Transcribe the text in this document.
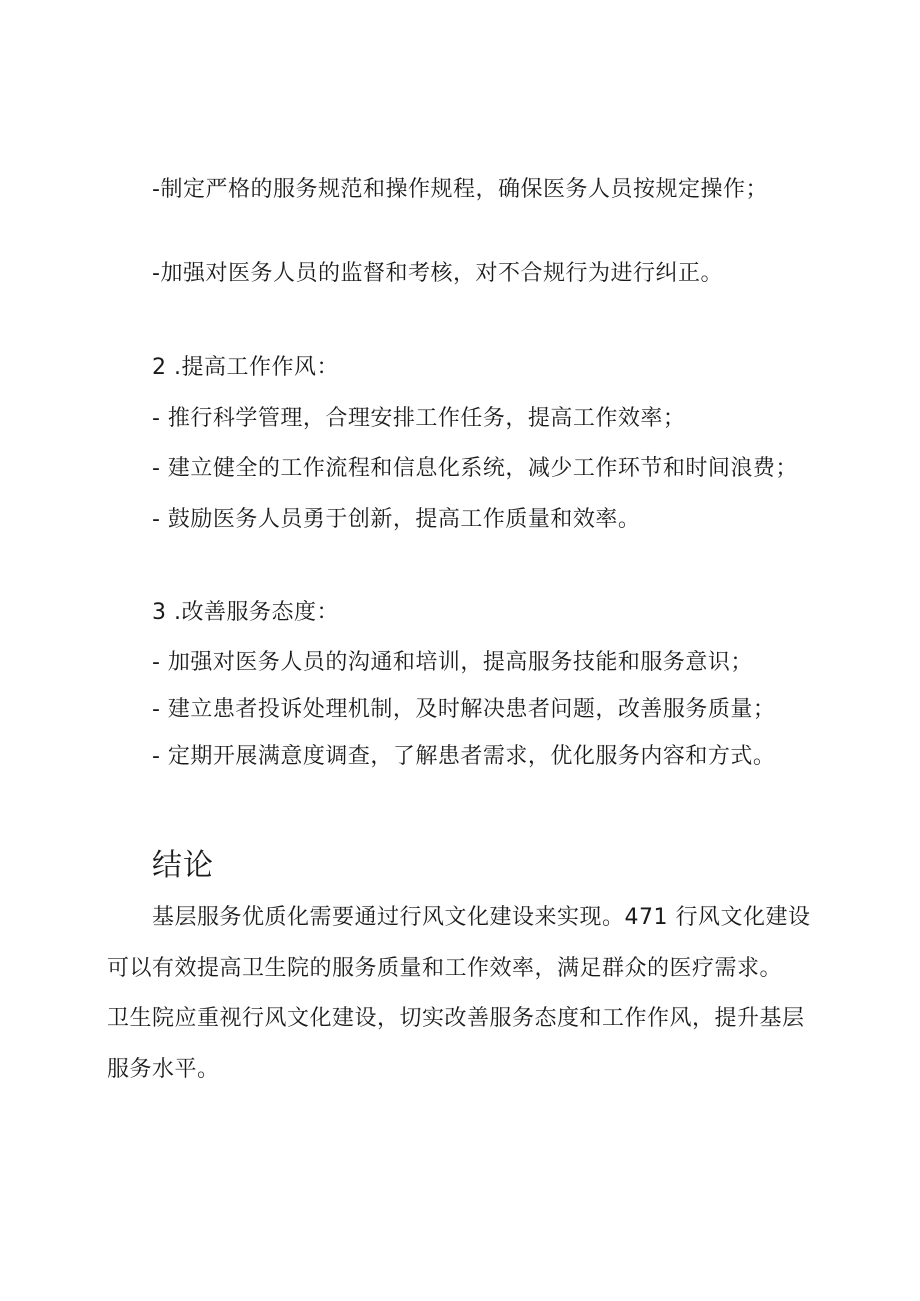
-制定严格的服务规范和操作规程，确保医务人员按规定操作；
-加强对医务人员的监督和考核，对不合规行为进行纠正。
2 .提高工作作风：
- 推行科学管理，合理安排工作任务，提高工作效率；
- 建立健全的工作流程和信息化系统，减少工作环节和时间浪费；
- 鼓励医务人员勇于创新，提高工作质量和效率。
3 .改善服务态度：
- 加强对医务人员的沟通和培训，提高服务技能和服务意识；
- 建立患者投诉处理机制，及时解决患者问题，改善服务质量；
- 定期开展满意度调查，了解患者需求，优化服务内容和方式。
结论
基层服务优质化需要通过行风文化建设来实现。471 行风文化建设
可以有效提高卫生院的服务质量和工作效率，满足群众的医疗需求。
卫生院应重视行风文化建设，切实改善服务态度和工作作风，提升基层
服务水平。
